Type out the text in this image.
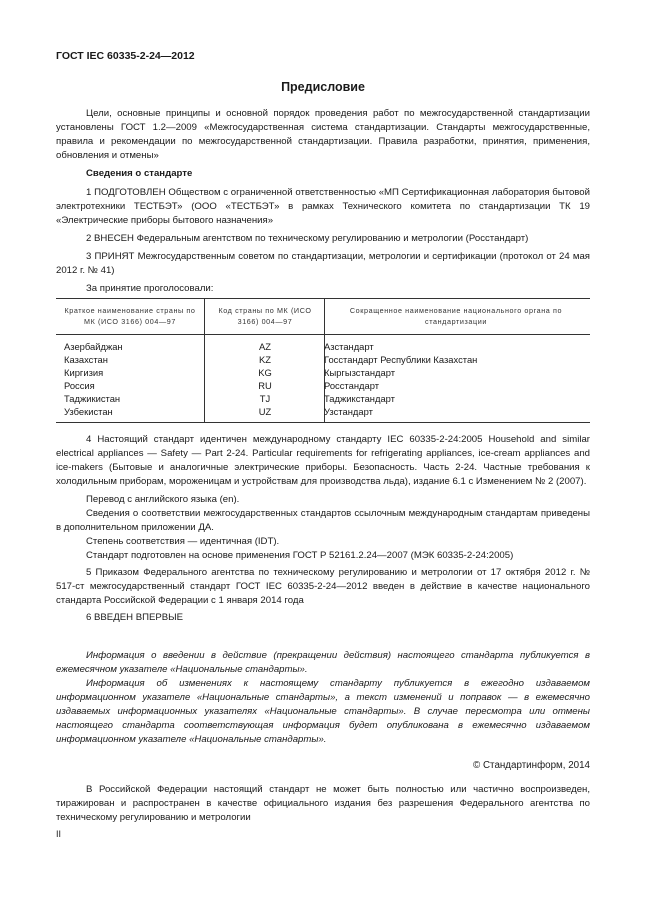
ГОСТ IEC 60335-2-24—2012
Предисловие
Цели, основные принципы и основной порядок проведения работ по межгосударственной стандартизации установлены ГОСТ 1.2—2009 «Межгосударственная система стандартизации. Стандарты межгосударственные, правила и рекомендации по межгосударственной стандартизации. Правила разработки, принятия, применения, обновления и отмены»
Сведения о стандарте
1 ПОДГОТОВЛЕН Обществом с ограниченной ответственностью «МП Сертификационная лаборатория бытовой электротехники ТЕСТБЭТ» (ООО «ТЕСТБЭТ» в рамках Технического комитета по стандартизации ТК 19 «Электрические приборы бытового назначения»
2 ВНЕСЕН Федеральным агентством по техническому регулированию и метрологии (Росстандарт)
3 ПРИНЯТ Межгосударственным советом по стандартизации, метрологии и сертификации (протокол от 24 мая 2012 г. № 41)
За принятие проголосовали:
Краткое наименование страны по МК (ИСО 3166) 004—97
Код страны по МК (ИСО 3166) 004—97
Сокращенное наименование национального органа по стандартизации
Азербайджан	AZ	Азстандарт
Казахстан	KZ	Госстандарт Республики Казахстан
Киргизия	KG	Кыргызстандарт
Россия	RU	Росстандарт
Таджикистан	TJ	Таджикстандарт
Узбекистан	UZ	Узстандарт
4 Настоящий стандарт идентичен международному стандарту IEC 60335-2-24:2005 Household and similar electrical appliances — Safety — Part 2-24. Particular requirements for refrigerating appliances, ice-cream appliances and ice-makers (Бытовые и аналогичные электрические приборы. Безопасность. Часть 2-24. Частные требования к холодильным приборам, мороженицам и устройствам для производства льда), издание 6.1 с Изменением № 2 (2007).
Перевод с английского языка (en).
Сведения о соответствии межгосударственных стандартов ссылочным международным стандартам приведены в дополнительном приложении ДА.
Степень соответствия — идентичная (IDT).
Стандарт подготовлен на основе применения ГОСТ Р 52161.2.24—2007 (МЭК 60335-2-24:2005)
5 Приказом Федерального агентства по техническому регулированию и метрологии от 17 октября 2012 г. № 517-ст межгосударственный стандарт ГОСТ IEC 60335-2-24—2012 введен в действие в качестве национального стандарта Российской Федерации с 1 января 2014 года
6 ВВЕДЕН ВПЕРВЫЕ
Информация о введении в действие (прекращении действия) настоящего стандарта публикуется в ежемесячном указателе «Национальные стандарты».
Информация об изменениях к настоящему стандарту публикуется в ежегодно издаваемом информационном указателе «Национальные стандарты», а текст изменений и поправок — в ежемесячно издаваемых информационных указателях «Национальные стандарты». В случае пересмотра или отмены настоящего стандарта соответствующая информация будет опубликована в ежемесячно издаваемом информационном указателе «Национальные стандарты».
© Стандартинформ, 2014
В Российской Федерации настоящий стандарт не может быть полностью или частично воспроизведен, тиражирован и распространен в качестве официального издания без разрешения Федерального агентства по техническому регулированию и метрологии
II
